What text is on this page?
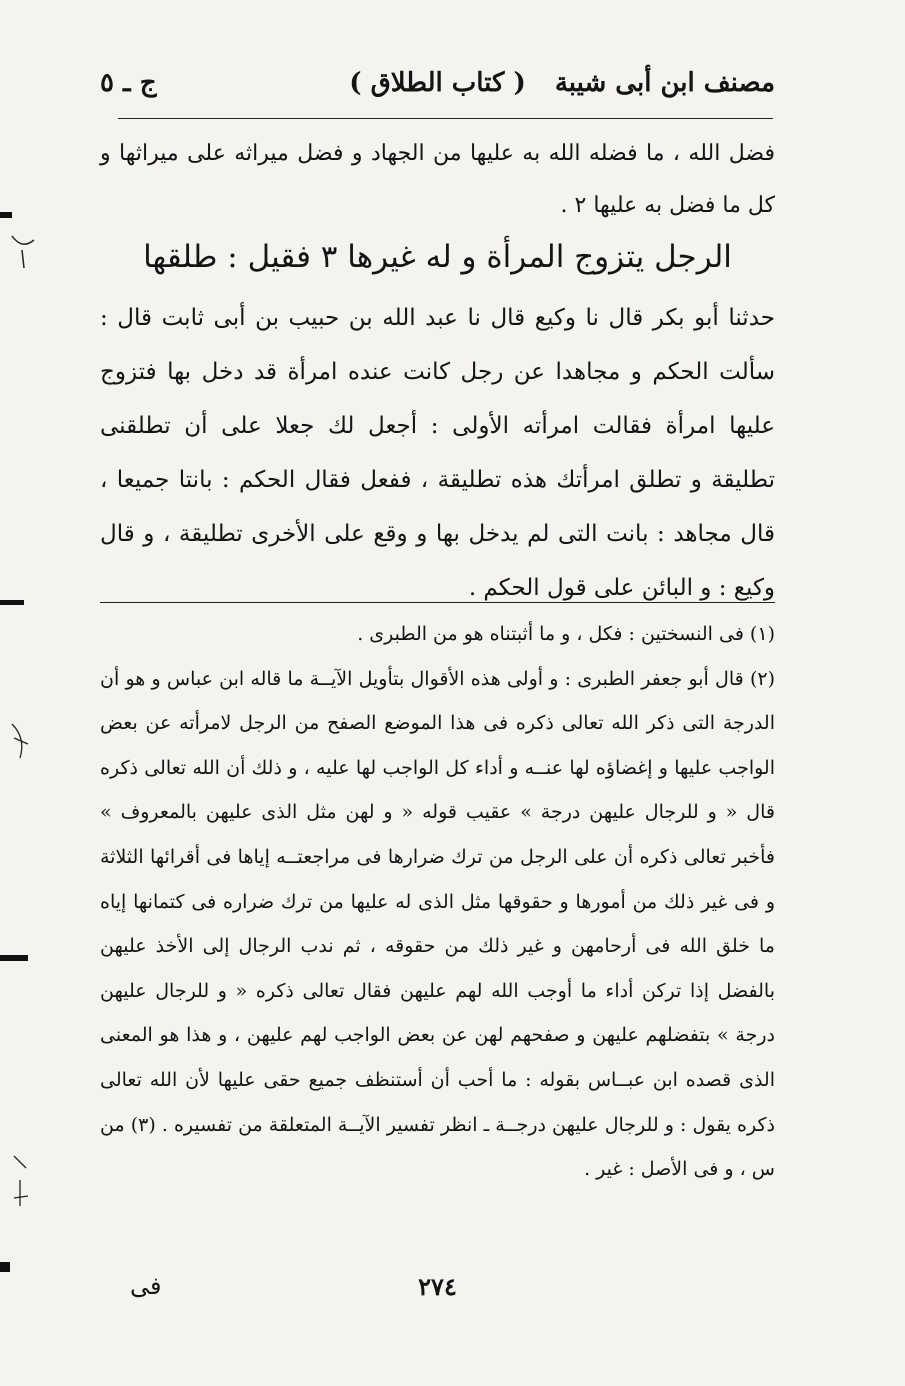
مصنف ابن أبى شيبة
( كتاب الطلاق )
ج ـ ٥
فضل الله ، ما فضله الله به عليها من الجهاد و فضل ميراثه على ميراثها و كل ما فضل به عليها ٢ .
الرجل يتزوج المرأة و له غيرها ٣ فقيل : طلقها
حدثنا أبو بكر قال نا وكيع قال نا عبد الله بن حبيب بن أبى ثابت قال : سألت الحكم و مجاهدا عن رجل كانت عنده امرأة قد دخل بها فتزوج عليها امرأة فقالت امرأته الأولى : أجعل لك جعلا على أن تطلقنى تطليقة و تطلق امرأتك هذه تطليقة ، ففعل فقال الحكم : بانتا جميعا ، قال مجاهد : بانت التى لم يدخل بها و وقع على الأخرى تطليقة ، و قال وكيع : و البائن على قول الحكم .

(١) فى النسختين : فكل ، و ما أثبتناه هو من الطبرى .

(٢) قال أبو جعفر الطبرى : و أولى هذه الأقوال بتأويل الآيــة ما قاله ابن عباس و هو أن الدرجة التى ذكر الله تعالى ذكره فى هذا الموضع الصفح من الرجل لامرأته عن بعض الواجب عليها و إغضاؤه لها عنــه و أداء كل الواجب لها عليه ، و ذلك أن الله تعالى ذكره قال « و للرجال عليهن درجة » عقيب قوله « و لهن مثل الذى عليهن بالمعروف » فأخبر تعالى ذكره أن على الرجل من ترك ضرارها فى مراجعتــه إياها فى أقرائها الثلاثة و فى غير ذلك من أمورها و حقوقها مثل الذى له عليها من ترك ضراره فى كتمانها إياه ما خلق الله فى أرحامهن و غير ذلك من حقوقه ، ثم ندب الرجال إلى الأخذ عليهن بالفضل إذا تركن أداء ما أوجب الله لهم عليهن فقال تعالى ذكره « و للرجال عليهن درجة » بتفضلهم عليهن و صفحهم لهن عن بعض الواجب لهم عليهن ، و هذا هو المعنى الذى قصده ابن عبــاس بقوله : ما أحب أن أستنظف جميع حقى عليها لأن الله تعالى ذكره يقول : و للرجال عليهن درجــة ـ انظر تفسير الآيــة المتعلقة من تفسيره . (٣) من س ، و فى الأصل : غير .

٢٧٤
فى
